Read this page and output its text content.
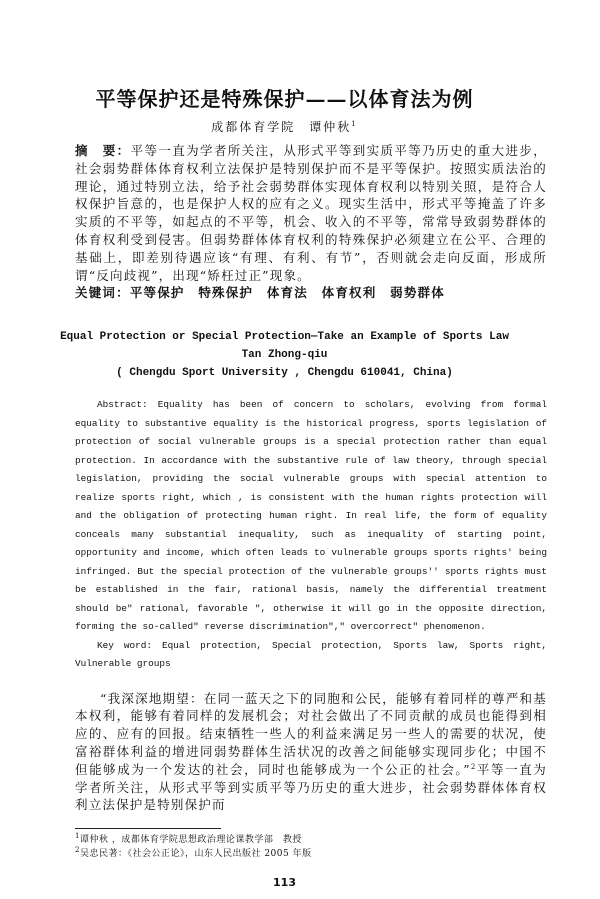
平等保护还是特殊保护——以体育法为例
成都体育学院　谭仲秋$^1$
摘　要：平等一直为学者所关注，从形式平等到实质平等乃历史的重大进步，社会弱势群体体育权利立法保护是特别保护而不是平等保护。按照实质法治的理论，通过特别立法，给予社会弱势群体实现体育权利以特别关照，是符合人权保护旨意的，也是保护人权的应有之义。现实生活中，形式平等掩盖了许多实质的不平等，如起点的不平等，机会、收入的不平等，常常导致弱势群体的体育权利受到侵害。但弱势群体体育权利的特殊保护必须建立在公平、合理的基础上，即差别待遇应该“有理、有利、有节”，否则就会走向反面，形成所谓“反向歧视”，出现“矫枉过正”现象。
关键词：平等保护　特殊保护　体育法　体育权利　弱势群体
Equal Protection or Special Protection—Take an Example of Sports Law
Tan Zhong-qiu
( Chengdu Sport University , Chengdu 610041, China)
Abstract: Equality has been of concern to scholars, evolving from formal equality to substantive equality is the historical progress, sports legislation of protection of social vulnerable groups is a special protection rather than equal protection. In accordance with the substantive rule of law theory, through special legislation, providing the social vulnerable groups with special attention to realize sports right, which , is consistent with the human rights protection will and the obligation of protecting human right. In real life, the form of equality conceals many substantial inequality, such as inequality of starting point, opportunity and income, which often leads to vulnerable groups sports rights' being infringed. But the special protection of the vulnerable groups'' sports rights must be established in the fair, rational basis, namely the differential treatment should be" rational, favorable ", otherwise it will go in the opposite direction, forming the so-called" reverse discrimination"," overcorrect" phenomenon.
Key word: Equal protection, Special protection, Sports law, Sports right, Vulnerable groups
“我深深地期望：在同一蓝天之下的同胞和公民，能够有着同样的尊严和基本权利，能够有着同样的发展机会；对社会做出了不同贡献的成员也能得到相应的、应有的回报。结束牺牲一些人的利益来满足另一些人的需要的状况，使富裕群体利益的增进同弱势群体生活状况的改善之间能够实现同步化；中国不但能够成为一个发达的社会，同时也能够成为一个公正的社会。”$^2$平等一直为学者所关注，从形式平等到实质平等乃历史的重大进步，社会弱势群体体育权利立法保护是特别保护而
$^1$谭仲秋 ，成都体育学院思想政治理论课教学部　教授
$^2$吴忠民著：《社会公正论》，山东人民出版社 2005 年版
113
